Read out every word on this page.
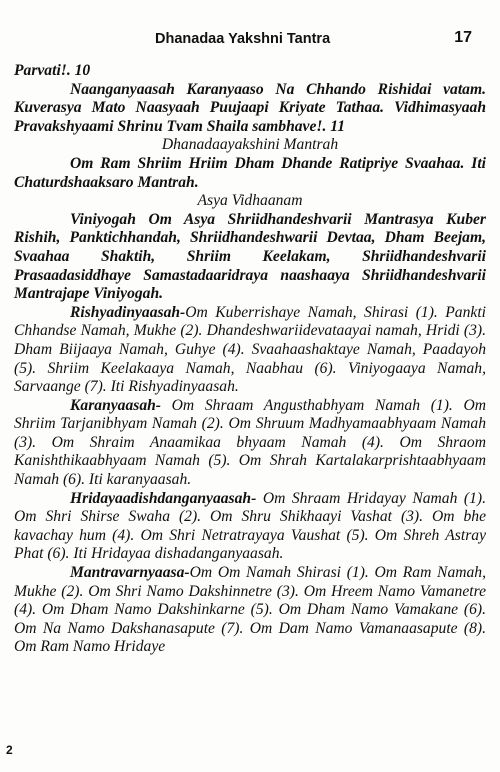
Dhanadaa Yakshni Tantra	17

Parvati!. 10

Naanganyaasah Karanyaaso Na Chhando Rishidai vatam. Kuverasya Mato Naasyaah Puujaapi Kriyate Tathaa. Vidhimasyaah Pravakshyaami Shrinu Tvam Shaila sambhave!. 11

Dhanadaayakshini Mantrah

Om Ram Shriim Hriim Dham Dhande Ratipriye Svaahaa. Iti Chaturdshaaksaro Mantrah.

Asya Vidhaanam

Viniyogah Om Asya Shriidhandeshvarii Mantrasya Kuber Rishih, Panktichhandah, Shriidhandeshwarii Devtaa, Dham Beejam, Svaahaa Shaktih, Shriim Keelakam, Shriidhandeshvarii Prasaadasiddhaye Samastadaaridraya naashaaya Shriidhandeshvarii Mantrajape Viniyogah.

Rishyadinyaasah-Om Kuberrishaye Namah, Shirasi (1). Pankti Chhandse Namah, Mukhe (2). Dhandeshwariidevataayai namah, Hridi (3). Dham Biijaaya Namah, Guhye (4). Svaahaashaktaye Namah, Paadayoh (5). Shriim Keelakaaya Namah, Naabhau (6). Viniyogaaya Namah, Sarvaange (7). Iti Rishyadinyaasah.

Karanyaasah- Om Shraam Angusthabhyam Namah (1). Om Shriim Tarjanibhyam Namah (2). Om Shruum Madhyamaabhyaam Namah (3). Om Shraim Anaamikaa bhyaam Namah (4). Om Shraom Kanishthikaabhyaam Namah (5). Om Shrah Kartalakarprishtaabhyaam Namah (6). Iti karanyaasah.

Hridayaadishdanganyaasah- Om Shraam Hridayay Namah (1). Om Shri Shirse Swaha (2). Om Shru Shikhaayi Vashat (3). Om bhe kavachay hum (4). Om Shri Netratrayaya Vaushat (5). Om Shreh Astray Phat (6). Iti Hridayaa dishadanganyaasah.

Mantravarnyaasa-Om Om Namah Shirasi (1). Om Ram Namah, Mukhe (2). Om Shri Namo Dakshinnetre (3). Om Hreem Namo Vamanetre (4). Om Dham Namo Dakshinkarne (5). Om Dham Namo Vamakane (6). Om Na Namo Dakshanasapute (7). Om Dam Namo Vamanaasapute (8). Om Ram Namo Hridaye

2
